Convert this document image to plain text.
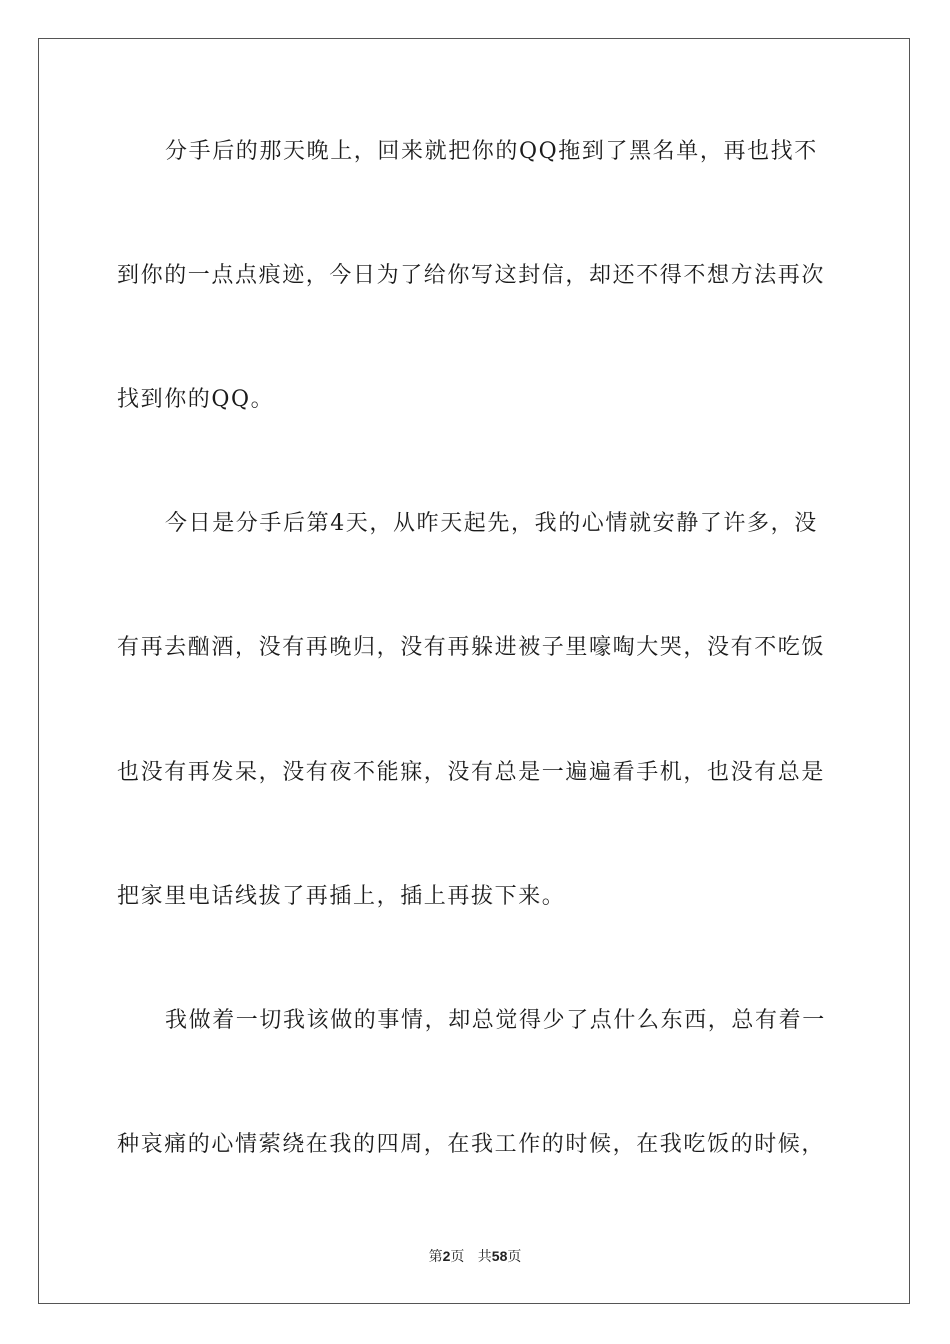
分手后的那天晚上，回来就把你的QQ拖到了黑名单，再也找不
到你的一点点痕迹，今日为了给你写这封信，却还不得不想方法再次
找到你的QQ。
今日是分手后第4天，从昨天起先，我的心情就安静了许多，没
有再去酗酒，没有再晚归，没有再躲进被子里嚎啕大哭，没有不吃饭
也没有再发呆，没有夜不能寐，没有总是一遍遍看手机，也没有总是
把家里电话线拔了再插上，插上再拔下来。
我做着一切我该做的事情，却总觉得少了点什么东西，总有着一
种哀痛的心情萦绕在我的四周，在我工作的时候，在我吃饭的时候，
第2页 共58页
